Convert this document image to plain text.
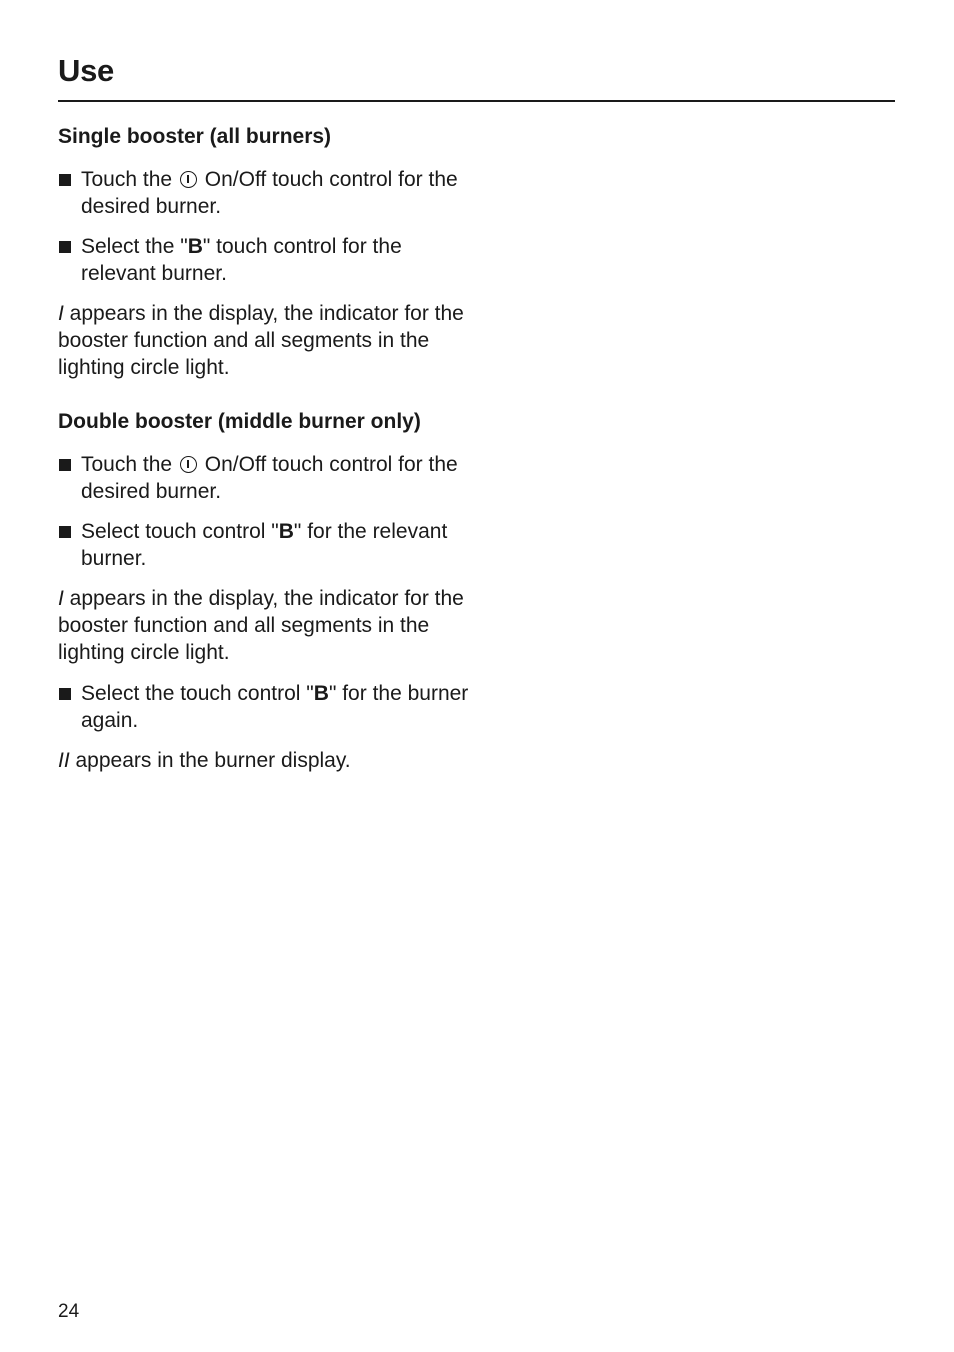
Use
Single booster (all burners)
Touch the On/Off touch control for the desired burner.
Select the "B" touch control for the relevant burner.

I appears in the display, the indicator for the booster function and all segments in the lighting circle light.

Double booster (middle burner only)
Touch the On/Off touch control for the desired burner.
Select touch control "B" for the relevant burner.

I appears in the display, the indicator for the booster function and all segments in the lighting circle light.

Select the touch control "B" for the burner again.

II appears in the burner display.

24
